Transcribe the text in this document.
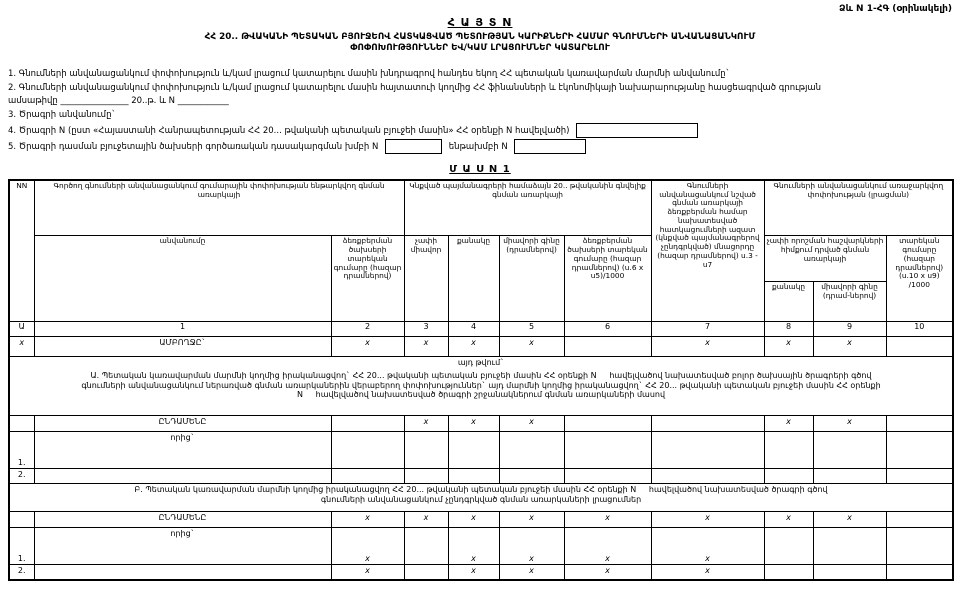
Ձև N 1-ՀԳ (օրինակելի)
Հ Ա Յ Տ N
ՀՀ 20.. ԹՎԱԿԱՆԻ ՊԵՏԱԿԱՆ ԲՅՈՒՋԵՈՎ ՀԱՏԿԱՑՎԱԾ ՊԵՏՈՒԹՅԱՆ ԿԱՐԻՔՆԵՐԻ ՀԱՄԱՐ ԳՆՈՒՄՆԵՐԻ ԱՆՎԱՆԱՑԱՆԿՈՒՄ
ՓՈՓՈԽՈՒԹՅՈՒՆՆԵՐ ԵՎ/ԿԱՄ ԼՐԱՑՈՒՄՆԵՐ ԿԱՏԱՐԵԼՈՒ
1. Գնումների անվանացանկում փոփոխություն և/կամ լրացում կատարելու մասին խնդրագրով հանդես եկող ՀՀ պետական կառավարման մարմնի անվանումը`
2. Գնումների անվանացանկում փոփոխություն և/կամ լրացում կատարելու մասին հայտատուի կողմից ՀՀ ֆինանսների և էկոնոմիկայի նախարարությանը հասցեագրված գրության
ամսաթիվը ________________ 20..թ. և N ____________
3. Ծրագրի անվանումը`
4. Ծրագրի N (ըստ «Հայաստանի Հանրապետության ՀՀ 20... թվականի պետական բյուջեի մասին» ՀՀ օրենքի N հավելվածի)
5. Ծրագրի դասման բյուջետային ծախսերի գործառական դասակարգման խմբի N	ենթախմբի N
Մ Ա Ս N 1
NN	Գործող գնումների անվանացանկում գումարային փոփոխության ենթարկվող գնման առարկայի		Կնքված պայմանագրերի համաձայն 20.. թվականին գնվելիք գնման առարկայի				Գնումների անվանացանկում նշված գնման առարկայի ձեռքբերման համար նախատեսված հատկացումների ազատ (կնքված պայմանագրերով չընդգրկված) մնացորդը (հազար դրամներով) ս.3 - ս7	Գնումների անվանացանկում առաջարկվող փոփոխության (լրացման)		
	անվանումը	ձեռքբերման ծախսերի տարեկան գումարը (հազար դրամներով)	չափի միավոր	քանակը	միավորի գինը (դրամներով)	ձեռքբերման ծախսերի տարեկան գումարը (հազար դրամներով) (ս.6 x ս5)/1000		չափի որոշման հաշվարկների հիմքում դրված գնման առարկայի		տարեկան գումարը (հազար դրամներով) (ս.10 x ս9) /1000
								քանակը	միավորի գինը (դրամ-ներով)	
Ա	1	2	3	4	5	6	7	8	9	10
x	ԱՄԲՈՂՋԸ`	x	x	x	x		x	x	x	

այդ թվում`										

Ա. Պետական կառավարման մարմնի կողմից իրականացվող` ՀՀ 20... թվականի պետական բյուջեի մասին ՀՀ օրենքի N     հավելվածով նախատեսված բոլոր ծախսային ծրագրերի գծով
գնումների անվանացանկում ներառված գնման առարկաներին վերաբերող փոփոխություններ` այդ մարմնի կողմից իրականացվող` ՀՀ 20... թվականի պետական բյուջեի մասին ՀՀ օրենքի
N     հավելվածով նախատեսված ծրագրի շրջանակներում գնման առարկաների մասով										

	ԸՆԴԱՄԵՆԸ		x	x	x			x	x	
	որից`									
1.										
2.										

Բ. Պետական կառավարման մարմնի կողմից իրականացվող ՀՀ 20... թվականի պետական բյուջեի մասին ՀՀ օրենքի N     հավելվածով նախատեսված ծրագրի գծով
գնումների անվանացանկում չընդգրկված գնման առարկաների լրացումներ										

	ԸՆԴԱՄԵՆԸ	x	x	x	x	x	x	x	x	
	որից`									
1.		x		x	x	x	x			
2.		x		x	x	x	x			
